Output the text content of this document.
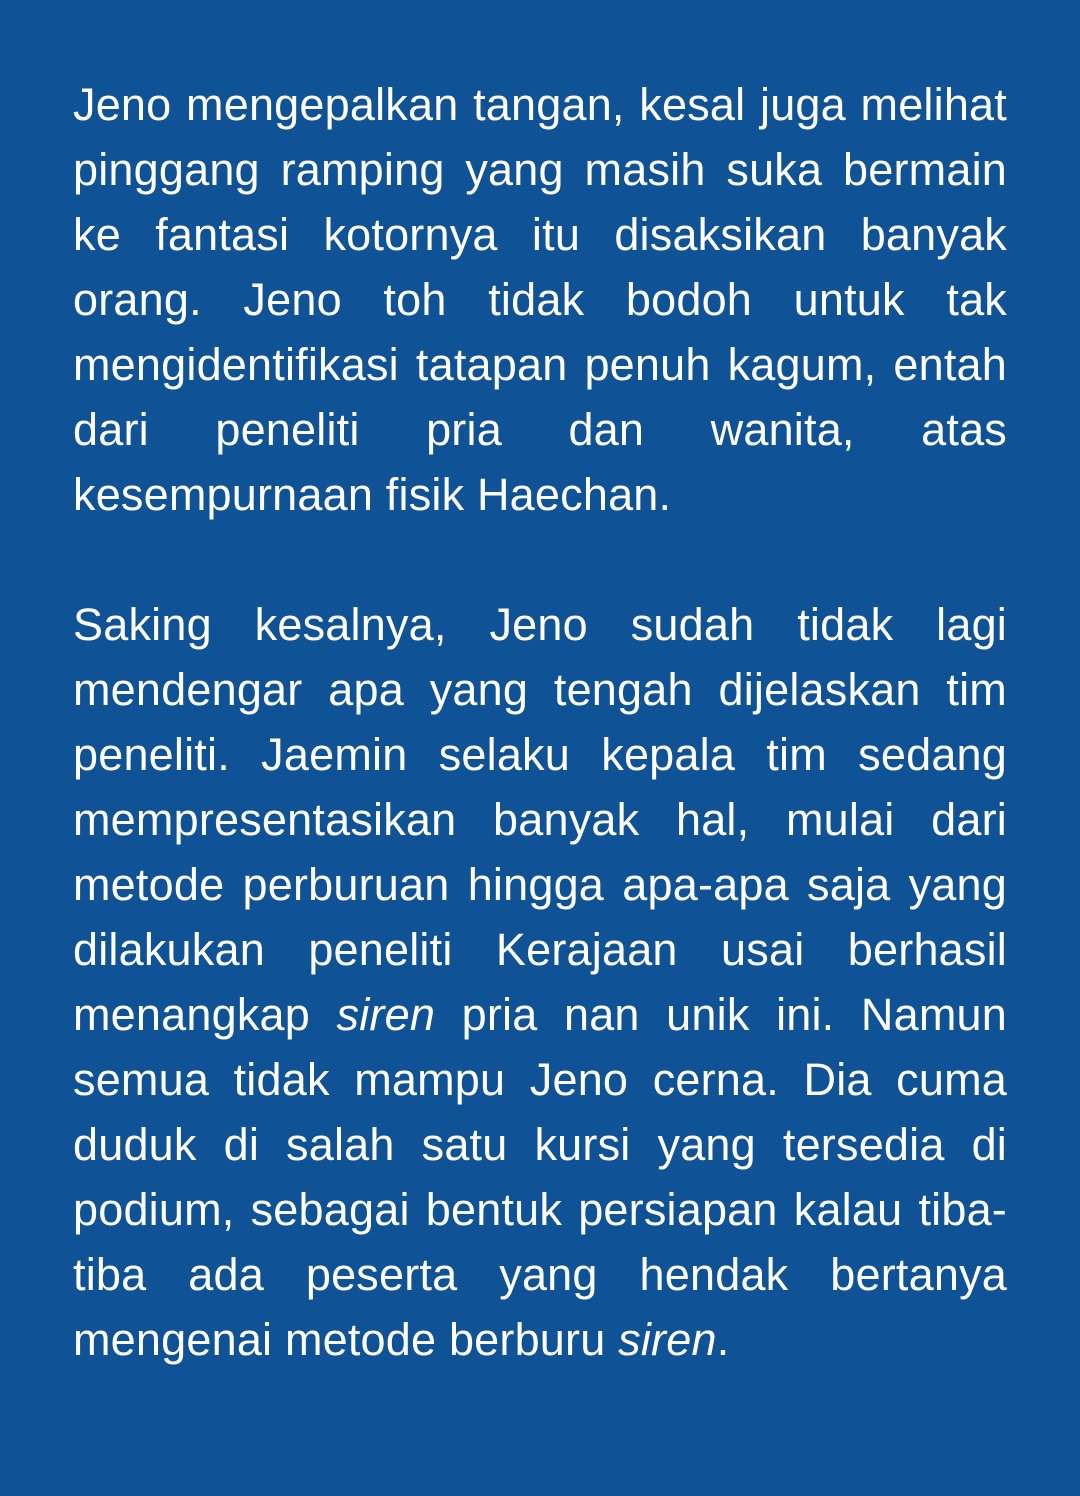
Jeno mengepalkan tangan, kesal juga melihat pinggang ramping yang masih suka bermain ke fantasi kotornya itu disaksikan banyak orang. Jeno toh tidak bodoh untuk tak mengidentifikasi tatapan penuh kagum, entah dari peneliti pria dan wanita, atas kesempurnaan fisik Haechan.

Saking kesalnya, Jeno sudah tidak lagi mendengar apa yang tengah dijelaskan tim peneliti. Jaemin selaku kepala tim sedang mempresentasikan banyak hal, mulai dari metode perburuan hingga apa-apa saja yang dilakukan peneliti Kerajaan usai berhasil menangkap siren pria nan unik ini. Namun semua tidak mampu Jeno cerna. Dia cuma duduk di salah satu kursi yang tersedia di podium, sebagai bentuk persiapan kalau tiba-tiba ada peserta yang hendak bertanya mengenai metode berburu siren.
